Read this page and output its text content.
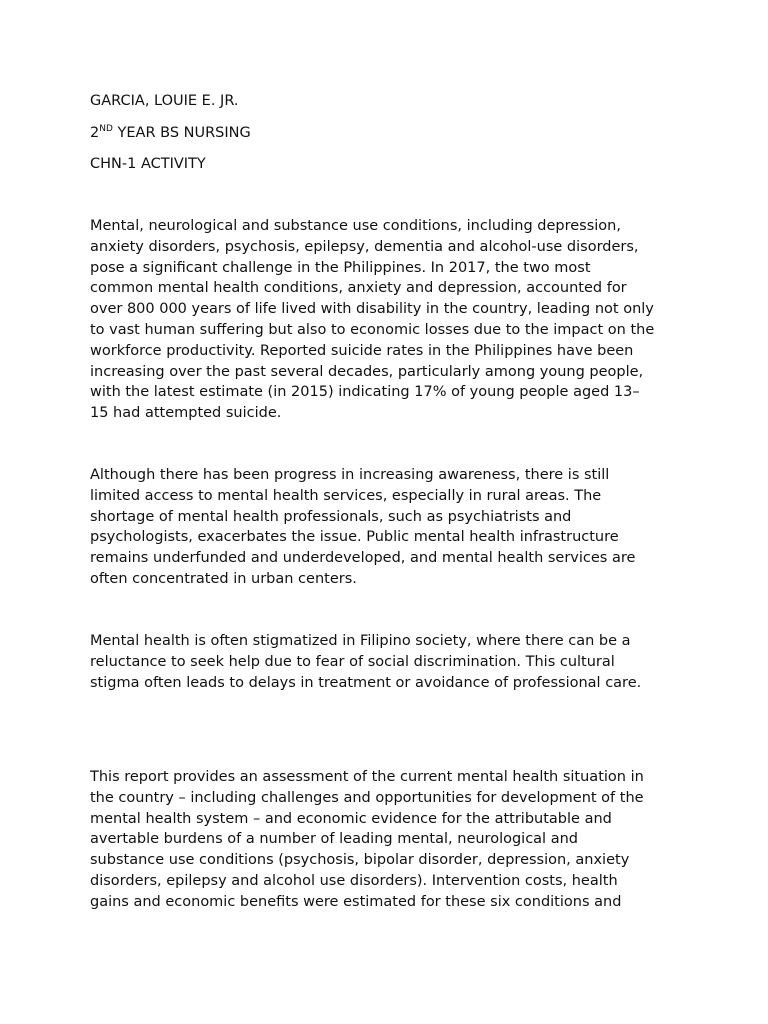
GARCIA, LOUIE E. JR.

2ND YEAR BS NURSING

CHN-1 ACTIVITY

Mental, neurological and substance use conditions, including depression,
anxiety disorders, psychosis, epilepsy, dementia and alcohol-use disorders,
pose a significant challenge in the Philippines. In 2017, the two most
common mental health conditions, anxiety and depression, accounted for
over 800 000 years of life lived with disability in the country, leading not only
to vast human suffering but also to economic losses due to the impact on the
workforce productivity. Reported suicide rates in the Philippines have been
increasing over the past several decades, particularly among young people,
with the latest estimate (in 2015) indicating 17% of young people aged 13–
15 had attempted suicide.
Although there has been progress in increasing awareness, there is still
limited access to mental health services, especially in rural areas. The
shortage of mental health professionals, such as psychiatrists and
psychologists, exacerbates the issue. Public mental health infrastructure
remains underfunded and underdeveloped, and mental health services are
often concentrated in urban centers.
Mental health is often stigmatized in Filipino society, where there can be a
reluctance to seek help due to fear of social discrimination. This cultural
stigma often leads to delays in treatment or avoidance of professional care.
This report provides an assessment of the current mental health situation in
the country – including challenges and opportunities for development of the
mental health system – and economic evidence for the attributable and
avertable burdens of a number of leading mental, neurological and
substance use conditions (psychosis, bipolar disorder, depression, anxiety
disorders, epilepsy and alcohol use disorders). Intervention costs, health
gains and economic benefits were estimated for these six conditions and
